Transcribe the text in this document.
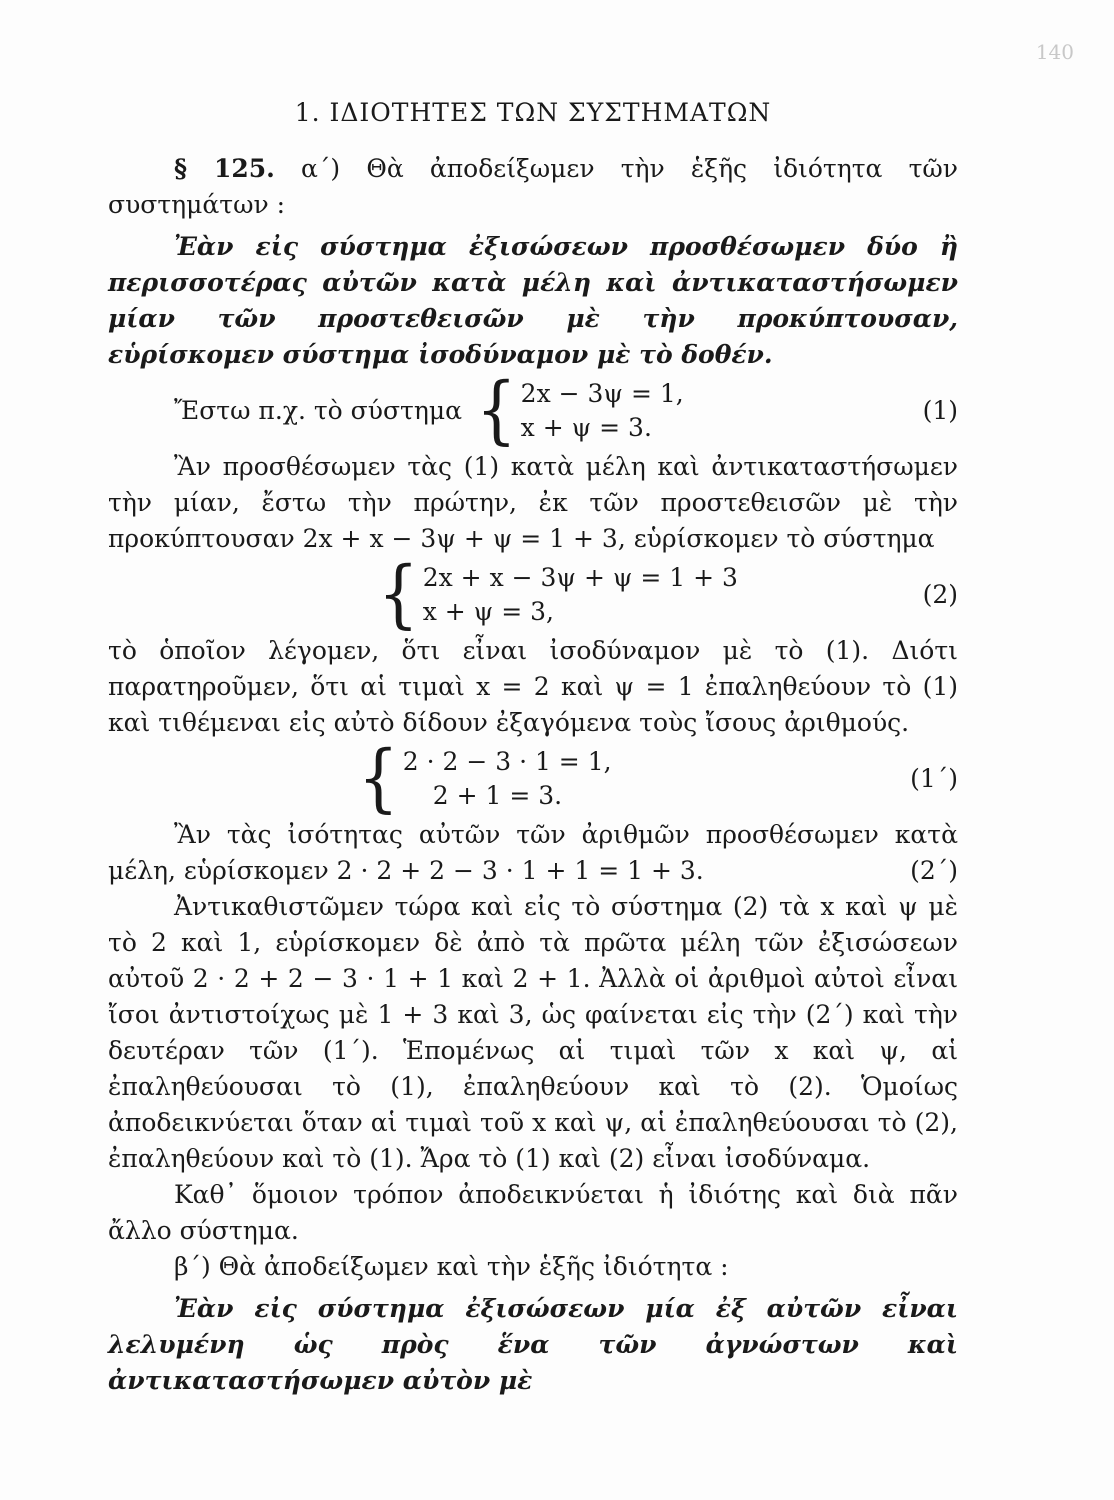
140
1. ΙΔΙΟΤΗΤΕΣ ΤΩΝ ΣΥΣΤΗΜΑΤΩΝ

§ 125. α΄) Θὰ ἀποδείξωμεν τὴν ἑξῆς ἰδιότητα τῶν συστημάτων :

Ἐὰν εἰς σύστημα ἐξισώσεων προσθέσωμεν δύο ἢ περισσοτέρας αὐτῶν κατὰ μέλη καὶ ἀντικαταστήσωμεν μίαν τῶν προστεθεισῶν μὲ τὴν προκύπτουσαν, εὑρίσκομεν σύστημα ἰσοδύναμον μὲ τὸ δοθέν.

Ἔστω π.χ. τὸ σύστημα { 2x − 3ψ = 1,
x + ψ = 3.
(1)

Ἂν προσθέσωμεν τὰς (1) κατὰ μέλη καὶ ἀντικαταστήσωμεν τὴν μίαν, ἔστω τὴν πρώτην, ἐκ τῶν προστεθεισῶν μὲ τὴν προκύπτουσαν 2x + x − 3ψ + ψ = 1 + 3, εὑρίσκομεν τὸ σύστημα

{ 2x + x − 3ψ + ψ = 1 + 3
x + ψ = 3,
(2)

τὸ ὁποῖον λέγομεν, ὅτι εἶναι ἰσοδύναμον μὲ τὸ (1). Διότι παρατηροῦμεν, ὅτι αἱ τιμαὶ x = 2 καὶ ψ = 1 ἐπαληθεύουν τὸ (1) καὶ τιθέμεναι εἰς αὐτὸ δίδουν ἐξαγόμενα τοὺς ἴσους ἀριθμούς.

{ 2 · 2 − 3 · 1 = 1,
2 + 1 = 3.
(1΄)

Ἂν τὰς ἰσότητας αὐτῶν τῶν ἀριθμῶν προσθέσωμεν κατὰ μέλη, εὑρίσκομεν 2 · 2 + 2 − 3 · 1 + 1 = 1 + 3.	(2΄)

Ἀντικαθιστῶμεν τώρα καὶ εἰς τὸ σύστημα (2) τὰ x καὶ ψ μὲ τὸ 2 καὶ 1, εὑρίσκομεν δὲ ἀπὸ τὰ πρῶτα μέλη τῶν ἐξισώσεων αὐτοῦ 2 · 2 + 2 − 3 · 1 + 1 καὶ 2 + 1. Ἀλλὰ οἱ ἀριθμοὶ αὐτοὶ εἶναι ἴσοι ἀντιστοίχως μὲ 1 + 3 καὶ 3, ὡς φαίνεται εἰς τὴν (2΄) καὶ τὴν δευτέραν τῶν (1΄). Ἑπομένως αἱ τιμαὶ τῶν x καὶ ψ, αἱ ἐπαληθεύουσαι τὸ (1), ἐπαληθεύουν καὶ τὸ (2). Ὁμοίως ἀποδεικνύεται ὅταν αἱ τιμαὶ τοῦ x καὶ ψ, αἱ ἐπαληθεύουσαι τὸ (2), ἐπαληθεύουν καὶ τὸ (1). Ἄρα τὸ (1) καὶ (2) εἶναι ἰσοδύναμα.

Καθ᾿ ὅμοιον τρόπον ἀποδεικνύεται ἡ ἰδιότης καὶ διὰ πᾶν ἄλλο σύστημα.

β΄) Θὰ ἀποδείξωμεν καὶ τὴν ἑξῆς ἰδιότητα :

Ἐὰν εἰς σύστημα ἐξισώσεων μία ἐξ αὐτῶν εἶναι λελυμένη ὡς πρὸς ἕνα τῶν ἀγνώστων καὶ ἀντικαταστήσωμεν αὐτὸν μὲ
